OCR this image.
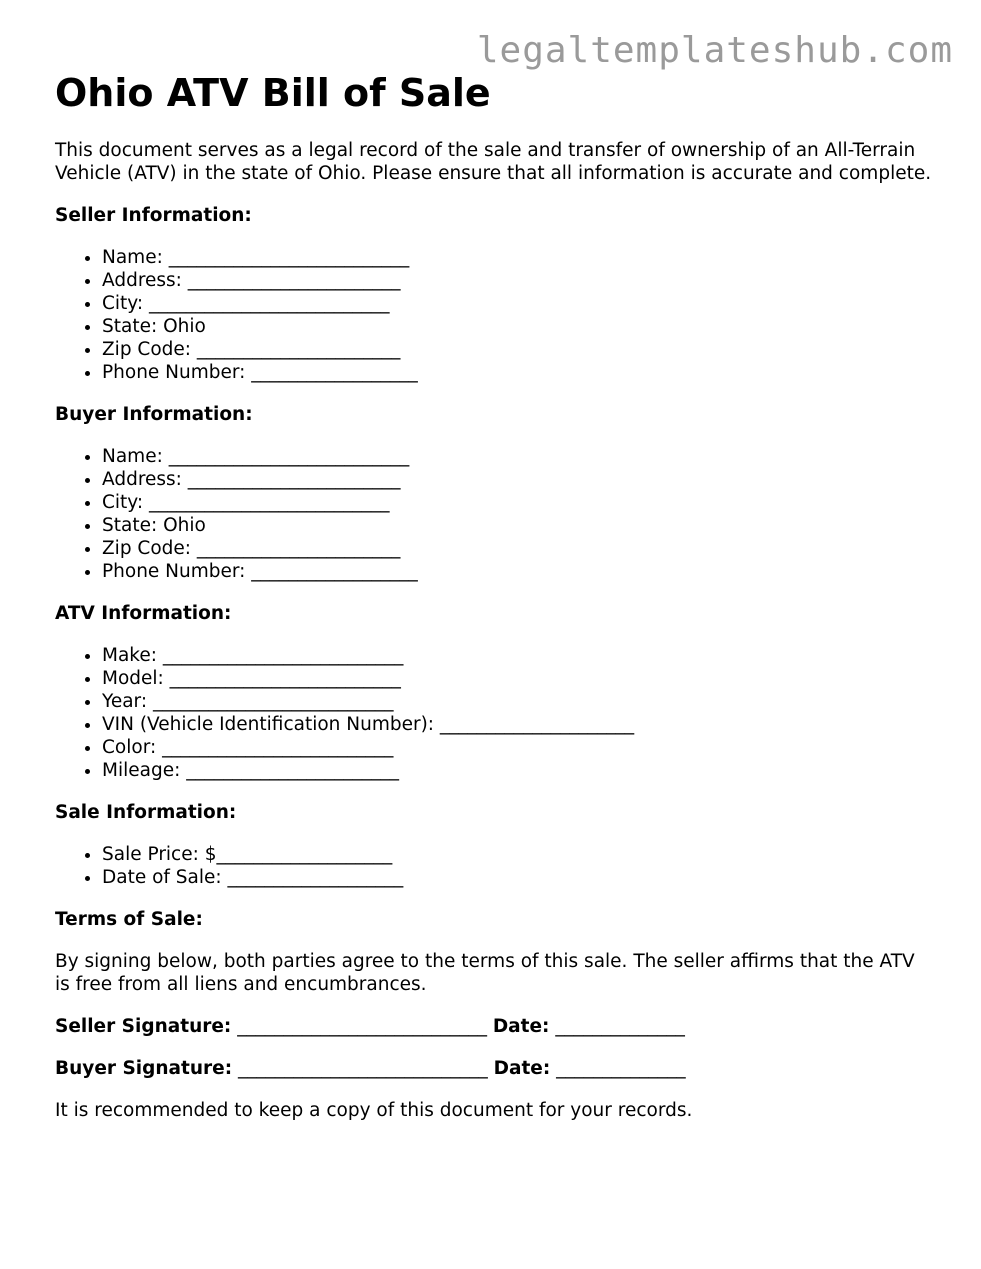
legaltemplateshub.com
Ohio ATV Bill of Sale

This document serves as a legal record of the sale and transfer of ownership of an All-Terrain Vehicle (ATV) in the state of Ohio. Please ensure that all information is accurate and complete.

Seller Information:
• Name: __________________________
• Address: _______________________
• City: __________________________
• State: Ohio
• Zip Code: ______________________
• Phone Number: __________________
Buyer Information:
• Name: __________________________
• Address: _______________________
• City: __________________________
• State: Ohio
• Zip Code: ______________________
• Phone Number: __________________
ATV Information:
• Make: __________________________
• Model: _________________________
• Year: __________________________
• VIN (Vehicle Identification Number): _____________________
• Color: _________________________
• Mileage: _______________________
Sale Information:
• Sale Price: $___________________
• Date of Sale: ___________________
Terms of Sale:

By signing below, both parties agree to the terms of this sale. The seller affirms that the ATV is free from all liens and encumbrances.

Seller Signature: ___________________________ Date: ______________
Buyer Signature: ___________________________ Date: ______________

It is recommended to keep a copy of this document for your records.
